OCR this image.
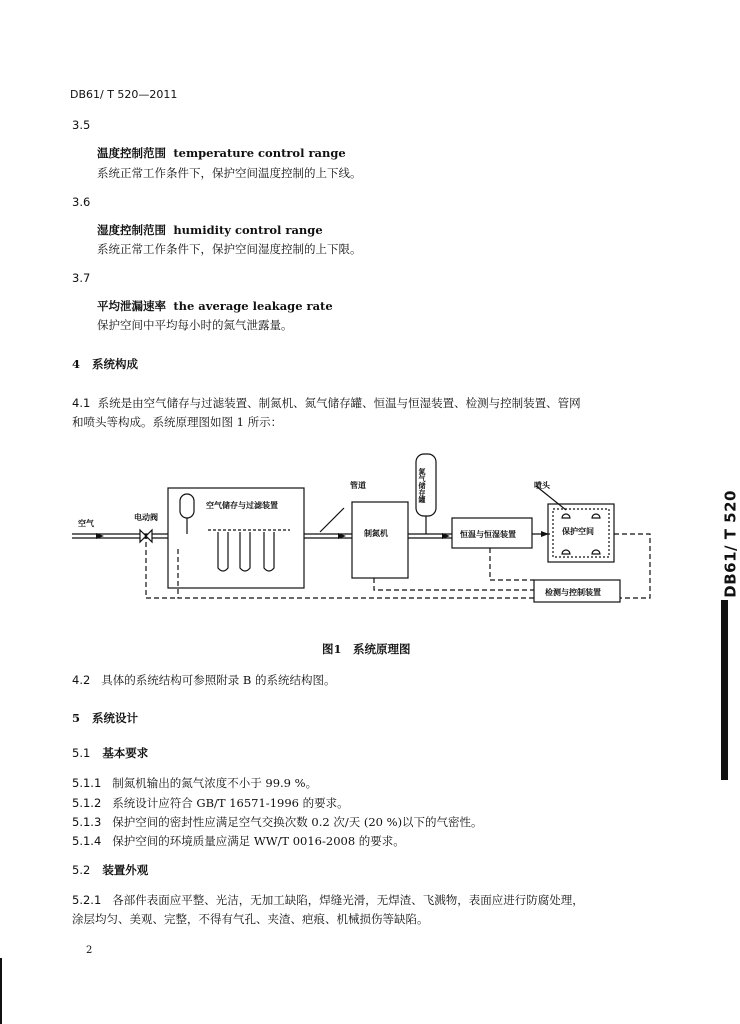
DB61/ T 520—2011
3.5
温度控制范围 temperature control range
系统正常工作条件下，保护空间温度控制的上下线。
3.6
湿度控制范围 humidity control range
系统正常工作条件下，保护空间湿度控制的上下限。
3.7
平均泄漏速率 the average leakage rate
保护空间中平均每小时的氮气泄露量。
4 系统构成
4.1 系统是由空气储存与过滤装置、制氮机、氮气储存罐、恒温与恒湿装置、检测与控制装置、管网
和喷头等构成。系统原理图如图 1 所示：
空气
电动阀
空气储存与过滤装置
管道
制氮机	恒温与恒湿装置
喷头
保护空间
检测与控制装置
氮气储存罐
图1　系统原理图
4.2 具体的系统结构可参照附录 B 的系统结构图。
5 系统设计
5.1 基本要求
5.1.1 制氮机输出的氮气浓度不小于 99.9 %。
5.1.2 系统设计应符合 GB/T 16571-1996 的要求。
5.1.3 保护空间的密封性应满足空气交换次数 0.2 次/天 (20 %)以下的气密性。
5.1.4 保护空间的环境质量应满足 WW/T 0016-2008 的要求。
5.2 装置外观
5.2.1 各部件表面应平整、光洁，无加工缺陷，焊缝光滑，无焊渣、飞溅物，表面应进行防腐处理，
涂层均匀、美观、完整，不得有气孔、夹渣、疤痕、机械损伤等缺陷。
2
DB61/ T 520
